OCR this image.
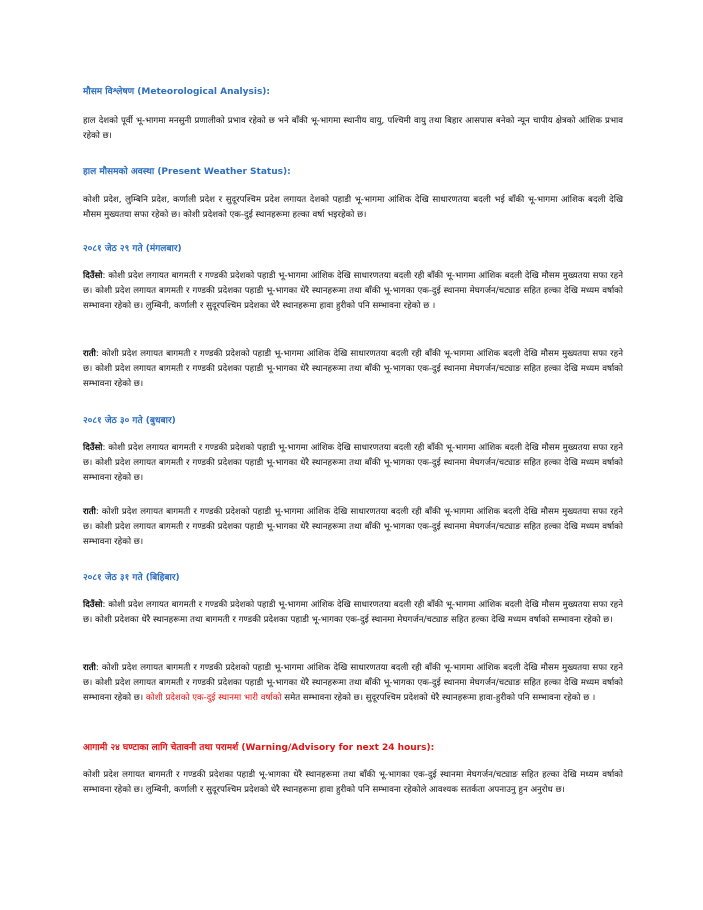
मौसम विश्लेषण (Meteorological Analysis):
हाल देशको पूर्वी भू-भागमा मनसुनी प्रणालीको प्रभाव रहेको छ भने बाँकी भू-भागमा स्थानीय वायु, पश्चिमी वायु तथा बिहार आसपास बनेको न्यून चापीय क्षेत्रको आंशिक प्रभाव रहेको छ।
हाल मौसमको अवस्था (Present Weather Status):
कोशी प्रदेश, लुम्बिनि प्रदेश, कर्णाली प्रदेश र सुदूरपश्चिम प्रदेश लगायत देशको पहाडी भू-भागमा आंशिक देखि साधारणतया बदली भई बाँकी भू-भागमा आंशिक बदली देखि मौसम मुख्यतया सफा रहेको छ। कोशी प्रदेशको एक-दुई स्थानहरूमा हल्का वर्षा भइरहेको छ।
२०८१ जेठ २९ गते (मंगलबार)
दिउँसो: कोशी प्रदेश लगायत बागमती र गण्डकी प्रदेशको पहाडी भू-भागमा आंशिक देखि साधारणतया बदली रही बाँकी भू-भागमा आंशिक बदली देखि मौसम मुख्यतया सफा रहने छ। कोशी प्रदेश लगायत बागमती र गण्डकी प्रदेशका पहाडी भू-भागका धेरै स्थानहरूमा तथा बाँकी भू-भागका एक-दुई स्थानमा मेघगर्जन/चट्याङ सहित हल्का देखि मध्यम वर्षाको सम्भावना रहेको छ। लुम्बिनी, कर्णाली र सुदूरपश्चिम प्रदेशका धेरै स्थानहरूमा हावा हुरीको पनि सम्भावना रहेको छ ।
राती: कोशी प्रदेश लगायत बागमती र गण्डकी प्रदेशको पहाडी भू-भागमा आंशिक देखि साधारणतया बदली रही बाँकी भू-भागमा आंशिक बदली देखि मौसम मुख्यतया सफा रहने छ। कोशी प्रदेश लगायत बागमती र गण्डकी प्रदेशका पहाडी भू-भागका धेरै स्थानहरूमा तथा बाँकी भू-भागका एक-दुई स्थानमा मेघगर्जन/चट्याङ सहित हल्का देखि मध्यम वर्षाको सम्भावना रहेको छ।
२०८१ जेठ ३० गते (बुधबार)
दिउँसो: कोशी प्रदेश लगायत बागमती र गण्डकी प्रदेशको पहाडी भू-भागमा आंशिक देखि साधारणतया बदली रही बाँकी भू-भागमा आंशिक बदली देखि मौसम मुख्यतया सफा रहने छ। कोशी प्रदेश लगायत बागमती र गण्डकी प्रदेशका पहाडी भू-भागका धेरै स्थानहरूमा तथा बाँकी भू-भागका एक-दुई स्थानमा मेघगर्जन/चट्याङ सहित हल्का देखि मध्यम वर्षाको सम्भावना रहेको छ।
राती: कोशी प्रदेश लगायत बागमती र गण्डकी प्रदेशको पहाडी भू-भागमा आंशिक देखि साधारणतया बदली रही बाँकी भू-भागमा आंशिक बदली देखि मौसम मुख्यतया सफा रहने छ। कोशी प्रदेश लगायत बागमती र गण्डकी प्रदेशका पहाडी भू-भागका धेरै स्थानहरूमा तथा बाँकी भू-भागका एक-दुई स्थानमा मेघगर्जन/चट्याङ सहित हल्का देखि मध्यम वर्षाको सम्भावना रहेको छ।
२०८१ जेठ ३१ गते (बिहिबार)
दिउँसो: कोशी प्रदेश लगायत बागमती र गण्डकी प्रदेशको पहाडी भू-भागमा आंशिक देखि साधारणतया बदली रही बाँकी भू-भागमा आंशिक बदली देखि मौसम मुख्यतया सफा रहने छ। कोशी प्रदेशका धेरै स्थानहरूमा तथा बागमती र गण्डकी प्रदेशका पहाडी भू-भागका एक-दुई स्थानमा मेघगर्जन/चट्याङ सहित हल्का देखि मध्यम वर्षाको सम्भावना रहेको छ।
राती: कोशी प्रदेश लगायत बागमती र गण्डकी प्रदेशको पहाडी भू-भागमा आंशिक देखि साधारणतया बदली रही बाँकी भू-भागमा आंशिक बदली देखि मौसम मुख्यतया सफा रहने छ। कोशी प्रदेश लगायत बागमती र गण्डकी प्रदेशका पहाडी भू-भागका धेरै स्थानहरूमा तथा बाँकी भू-भागका एक-दुई स्थानमा मेघगर्जन/चट्याङ सहित हल्का देखि मध्यम वर्षाको सम्भावना रहेको छ। कोशी प्रदेशको एक-दुई स्थानमा भारी वर्षाको समेत सम्भावना रहेको छ। सुदूरपश्चिम प्रदेशको धेरै स्थानहरूमा हावा-हुरीको पनि सम्भावना रहेको छ ।
आगामी २४ घण्टाका लागि चेतावनी तथा परामर्श (Warning/Advisory for next 24 hours):
कोशी प्रदेश लगायत बागमती र गण्डकी प्रदेशका पहाडी भू-भागका धेरै स्थानहरूमा तथा बाँकी भू-भागका एक-दुई स्थानमा मेघगर्जन/चट्याङ सहित हल्का देखि मध्यम वर्षाको सम्भावना रहेको छ। लुम्बिनी, कर्णाली र सुदूरपश्चिम प्रदेशको धेरै स्थानहरूमा हावा हुरीको पनि सम्भावना रहेकोले आवश्यक सतर्कता अपनाउनु हुन अनुरोध छ।
